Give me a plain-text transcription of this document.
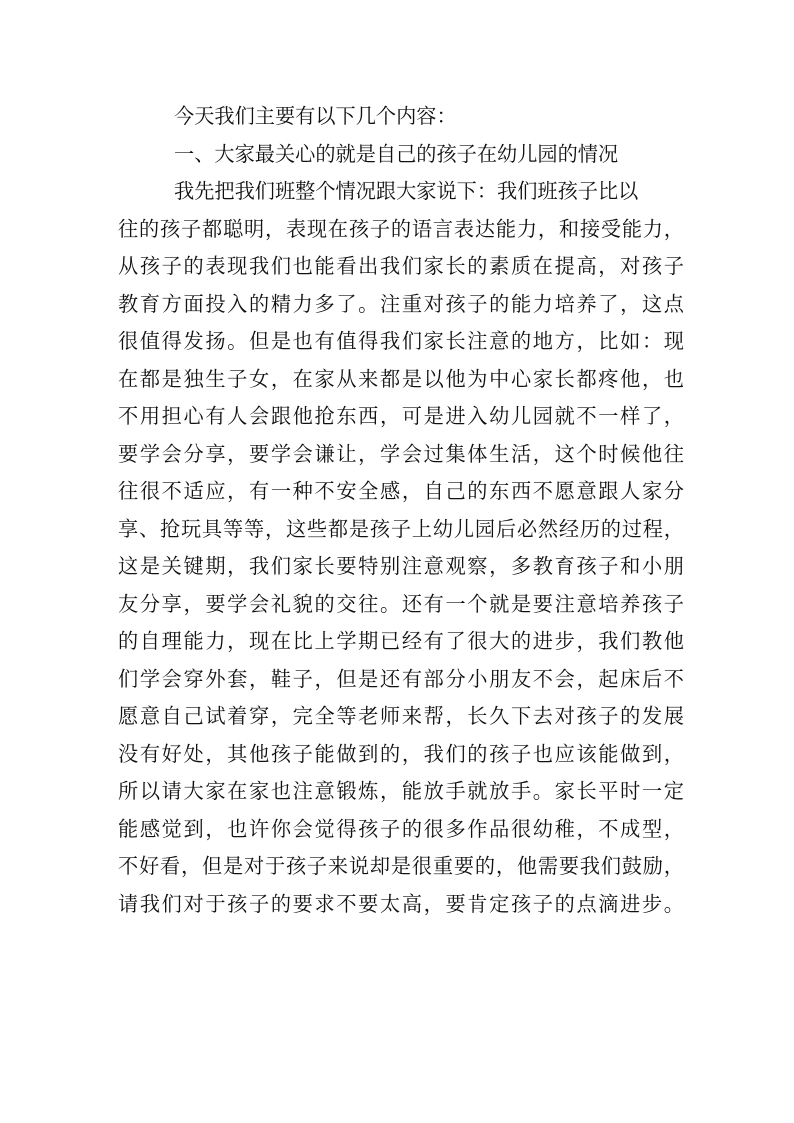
今天我们主要有以下几个内容：
一、大家最关心的就是自己的孩子在幼儿园的情况
我先把我们班整个情况跟大家说下：我们班孩子比以
往的孩子都聪明，表现在孩子的语言表达能力，和接受能力，
从孩子的表现我们也能看出我们家长的素质在提高，对孩子
教育方面投入的精力多了。注重对孩子的能力培养了，这点
很值得发扬。但是也有值得我们家长注意的地方，比如：现
在都是独生子女，在家从来都是以他为中心家长都疼他，也
不用担心有人会跟他抢东西，可是进入幼儿园就不一样了，
要学会分享，要学会谦让，学会过集体生活，这个时候他往
往很不适应，有一种不安全感，自己的东西不愿意跟人家分
享、抢玩具等等，这些都是孩子上幼儿园后必然经历的过程，
这是关键期，我们家长要特别注意观察，多教育孩子和小朋
友分享，要学会礼貌的交往。还有一个就是要注意培养孩子
的自理能力，现在比上学期已经有了很大的进步，我们教他
们学会穿外套，鞋子，但是还有部分小朋友不会，起床后不
愿意自己试着穿，完全等老师来帮，长久下去对孩子的发展
没有好处，其他孩子能做到的，我们的孩子也应该能做到，
所以请大家在家也注意锻炼，能放手就放手。家长平时一定
能感觉到，也许你会觉得孩子的很多作品很幼稚，不成型，
不好看，但是对于孩子来说却是很重要的，他需要我们鼓励，
请我们对于孩子的要求不要太高，要肯定孩子的点滴进步。
